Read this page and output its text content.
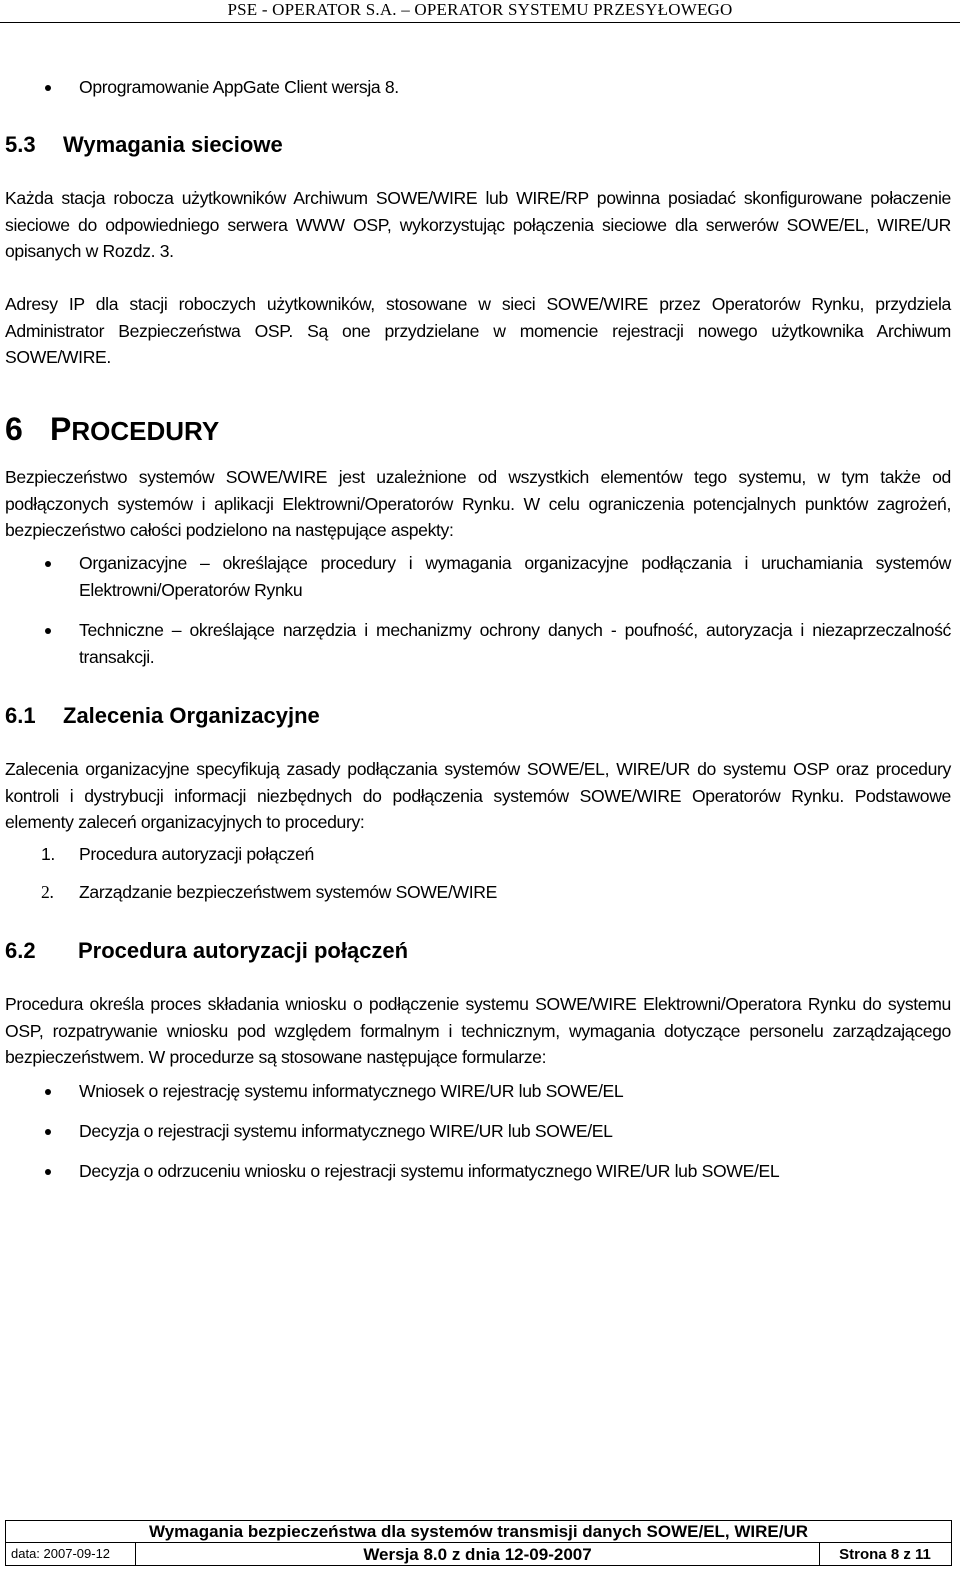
PSE - OPERATOR S.A. – OPERATOR SYSTEMU PRZESYŁOWEGO
Oprogramowanie AppGate Client wersja 8.
5.3 Wymagania sieciowe
Każda stacja robocza użytkowników Archiwum SOWE/WIRE lub WIRE/RP powinna posiadać skonfigurowane połaczenie sieciowe do odpowiedniego serwera WWW OSP, wykorzystując połączenia sieciowe dla serwerów SOWE/EL, WIRE/UR opisanych w Rozdz. 3.
Adresy IP dla stacji roboczych użytkowników, stosowane w sieci SOWE/WIRE przez Operatorów Rynku, przydziela Administrator Bezpieczeństwa OSP. Są one przydzielane w momencie rejestracji nowego użytkownika Archiwum SOWE/WIRE.
6 PROCEDURY
Bezpieczeństwo systemów SOWE/WIRE jest uzależnione od wszystkich elementów tego systemu, w tym także od podłączonych systemów i aplikacji Elektrowni/Operatorów Rynku. W celu ograniczenia potencjalnych punktów zagrożeń, bezpieczeństwo całości podzielono na następujące aspekty:
Organizacyjne – określające procedury i wymagania organizacyjne podłączania i uruchamiania systemów Elektrowni/Operatorów Rynku
Techniczne – określające narzędzia i mechanizmy ochrony danych - poufność, autoryzacja i niezaprzeczalność transakcji.
6.1 Zalecenia Organizacyjne
Zalecenia organizacyjne specyfikują zasady podłączania systemów SOWE/EL, WIRE/UR do systemu OSP oraz procedury kontroli i dystrybucji informacji niezbędnych do podłączenia systemów SOWE/WIRE Operatorów Rynku. Podstawowe elementy zaleceń organizacyjnych to procedury:
1. Procedura autoryzacji połączeń
2. Zarządzanie bezpieczeństwem systemów SOWE/WIRE
6.2 Procedura autoryzacji połączeń
Procedura określa proces składania wniosku o podłączenie systemu SOWE/WIRE Elektrowni/Operatora Rynku do systemu OSP, rozpatrywanie wniosku pod względem formalnym i technicznym, wymagania dotyczące personelu zarządzającego bezpieczeństwem. W procedurze są stosowane następujące formularze:
Wniosek o rejestrację systemu informatycznego WIRE/UR lub SOWE/EL
Decyzja o rejestracji systemu informatycznego WIRE/UR lub SOWE/EL
Decyzja o odrzuceniu wniosku o rejestracji systemu informatycznego WIRE/UR lub SOWE/EL
Wymagania bezpieczeństwa dla systemów transmisji danych SOWE/EL, WIRE/UR
data: 2007-09-12	Wersja 8.0 z dnia 12-09-2007	Strona 8 z 11
